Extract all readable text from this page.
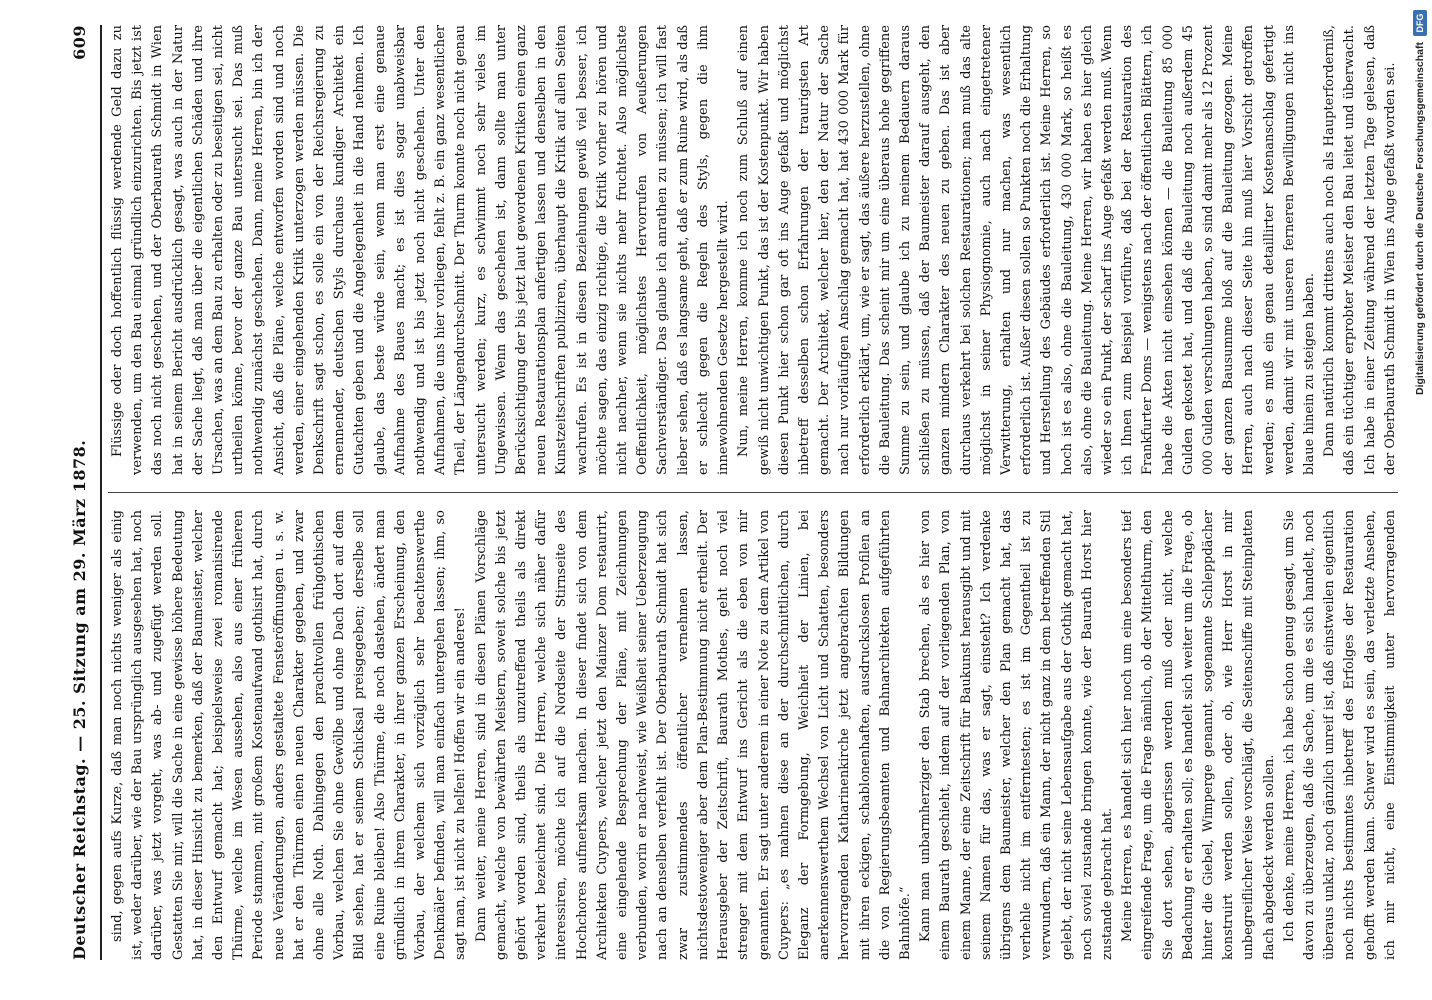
Deutscher Reichstag. — 25. Sitzung am 29. März 1878.
609

sind, gegen aufs Kurze, daß man noch nichts weniger als einig ist, weder darüber, wie der Bau ursprünglich ausgesehen hat, noch darüber, was jetzt vorgeht, was ab- und zugefügt werden soll. Gestatten Sie mir, will die Sache in eine gewisse höhere Bedeutung hat, in dieser Hinsicht zu bemerken, daß der Baumeister, welcher den Entwurf gemacht hat; beispielsweise zwei romanisirende Thürme, welche im Wesen aussehen, also aus einer früheren Periode stammen, mit großem Kostenaufwand gothisirt hat, durch neue Veränderungen, anders gestaltete Fensteröffnungen u. s. w. hat er den Thürmen einen neuen Charakter gegeben, und zwar ohne alle Noth. Dahingegen den prachtvollen frühgothischen Vorbau, welchen Sie ohne Gewölbe und ohne Dach dort auf dem Bild sehen, hat er seinem Schicksal preisgegeben; derselbe soll eine Ruine bleiben! Also Thürme, die noch dastehen, ändert man gründlich in ihrem Charakter, in ihrer ganzen Erscheinung, den Vorbau, der welchem sich vorzüglich sehr beachtenswerthe Denkmäler befinden, will man einfach untergehen lassen; ihm, so sagt man, ist nicht zu helfen! Hoffen wir ein anderes! Dann weiter, meine Herren, sind in diesen Plänen Vorschläge gemacht, welche von bewährten Meistern, soweit solche bis jetzt gehört worden sind, theils als unzutreffend theils als direkt verkehrt bezeichnet sind. Die Herren, welche sich näher dafür interessiren, möchte ich auf die Nordseite der Stirnseite des Hochchores aufmerksam machen. In dieser findet sich von dem Architekten Cuypers, welcher jetzt den Mainzer Dom restaurirt, eine eingehende Besprechung der Pläne, mit Zeichnungen verbunden, worin er nachweist, wie Weißheit seiner Ueberzeugung nach an denselben verfehlt ist. Der Oberbaurath Schmidt hat sich zwar zustimmendes öffentlicher vernehmen lassen, nichtsdestoweniger aber dem Plan-Bestimmung nicht ertheilt. Der Herausgeber der Zeitschrift, Baurath Mothes, geht noch viel strenger mit dem Entwurf ins Gericht als die eben von mir genannten. Er sagt unter anderem in einer Note zu dem Artikel von Cuypers: „es mahnen diese an der durchschnittlichen, durch Eleganz der Formgebung, Weichheit der Linien, bei anerkennenswerthem Wechsel von Licht und Schatten, besonders hervorragenden Katharinenkirche jetzt angebrachten Bildungen mit ihren eckigen, schablonenhaften, ausdruckslosen Profilen an die von Regierungsbeamten und Bahnarchitekten aufgeführten Bahnhöfe.“ Kann man unbarmherziger den Stab brechen, als es hier von einem Baurath geschieht, indem auf der vorliegenden Plan, von einem Manne, der eine Zeitschrift für Baukunst herausgibt und mit seinem Namen für das, was er sagt, einsteht? Ich verdenke übrigens dem Baumeister, welcher den Plan gemacht hat, das verhehle nicht im entferntesten; es ist im Gegentheil ist zu verwundern, daß ein Mann, der nicht ganz in dem betreffenden Stil gelebt, der nicht seine Lebensaufgabe aus der Gothik gemacht hat, noch soviel zustande bringen konnte, wie der Baurath Horst hier zustande gebracht hat. Meine Herren, es handelt sich hier noch um eine besonders tief eingreifende Frage, um die Frage nämlich, ob der Mittelthurm, den Sie dort sehen, abgerissen werden muß oder nicht, welche Bedachung er erhalten soll; es handelt sich weiter um die Frage, ob hinter die Giebel, Wimperge genannt, sogenannte Schleppdächer konstruirt werden sollen, oder ob, wie Herr Horst in mir unbegreiflicher Weise vorschlägt, die Seitenschiffe mit Steinplatten flach abgedeckt werden sollen. Ich denke, meine Herren, ich habe schon genug gesagt, um Sie davon zu überzeugen, daß die Sache, um die es sich handelt, noch überaus unklar, noch gänzlich unreif ist, daß einstweilen eigentlich noch nichts bestimmtes inbetreff des Erfolges der Restauration gehofft werden kann. Schwer wird es sein, das verletzte Ansehen, ich mir nicht, eine Einstimmigkeit unter hervorragenden

Flüssige oder doch hoffentlich flüssig werdende Geld dazu zu verwenden, um den Bau einmal gründlich einzurichten. Bis jetzt ist das noch nicht geschehen, und der Oberbaurath Schmidt in Wien hat in seinem Bericht ausdrücklich gesagt, was auch in der Natur der Sache liegt, daß man über die eigentlichen Schäden und ihre Ursachen, was an dem Bau zu erhalten oder zu beseitigen sei, nicht urtheilen könne, bevor der ganze Bau untersucht sei. Das muß nothwendig zunächst geschehen. Dann, meine Herren, bin ich der Ansicht, daß die Pläne, welche entworfen worden sind und noch werden, einer eingehenden Kritik unterzogen werden müssen. Die Denkschrift sagt schon, es solle ein von der Reichsregierung zu ernennender, deutschen Styls durchaus kundiger Architekt ein Gutachten geben und die Angelegenheit in die Hand nehmen. Ich glaube, das beste würde sein, wenn man erst eine genaue Aufnahme des Baues macht; es ist dies sogar unabweisbar nothwendig und ist bis jetzt noch nicht geschehen. Unter den Aufnahmen, die uns hier vorliegen, fehlt z. B. ein ganz wesentlicher Theil, der Längendurchschnitt. Der Thurm konnte noch nicht genau untersucht werden; kurz, es schwimmt noch sehr vieles im Ungewissen. Wenn das geschehen ist, dann sollte man unter Berücksichtigung der bis jetzt laut gewordenen Kritiken einen ganz neuen Restaurationsplan anfertigen lassen und denselben in den Kunstzeitschriften publiziren, überhaupt die Kritik auf allen Seiten wachrufen. Es ist in diesen Beziehungen gewiß viel besser, ich möchte sagen, das einzig richtige, die Kritik vorher zu hören und nicht nachher, wenn sie nichts mehr fruchtet. Also möglichste Oeffentlichkeit, möglichstes Hervorrufen von Aeußerungen Sachverständiger. Das glaube ich anrathen zu müssen; ich will fast lieber sehen, daß es langsame geht, daß er zum Ruine wird, als daß er schlecht gegen die Regeln des Styls, gegen die ihm innewohnenden Gesetze hergestellt wird. Nun, meine Herren, komme ich noch zum Schluß auf einen gewiß nicht unwichtigen Punkt, das ist der Kostenpunkt. Wir haben diesen Punkt hier schon gar oft ins Auge gefaßt und möglichst inbetreff desselben schon Erfahrungen der traurigsten Art gemacht. Der Architekt, welcher hier, den der Natur der Sache nach nur vorläufigen Anschlag gemacht hat, hat 430 000 Mark für erforderlich erklärt, um, wie er sagt, das äußere herzustellen, ohne die Bauleitung. Das scheint mir um eine überaus hohe gegriffene Summe zu sein, und glaube ich zu meinem Bedauern daraus schließen zu müssen, daß der Baumeister darauf ausgeht, den ganzen mindern Charakter des neuen zu geben. Das ist aber durchaus verkehrt bei solchen Restaurationen; man muß das alte möglichst in seiner Physiognomie, auch nach eingetretener Verwitterung, erhalten und nur machen, was wesentlich erforderlich ist. Außer diesen sollen so Punkten noch die Erhaltung und Herstellung des Gebäudes erforderlich ist. Meine Herren, so hoch ist es also, ohne die Bauleitung, 430 000 Mark, so heißt es also, ohne die Bauleitung. Meine Herren, wir haben es hier gleich wieder so ein Punkt, der scharf ins Auge gefaßt werden muß. Wenn ich Ihnen zum Beispiel vorführe, daß bei der Restauration des Frankfurter Doms — wenigstens nach der öffentlichen Blättern, ich habe die Akten nicht einsehen können — die Bauleitung 85 000 Gulden gekostet hat, und daß die Bauleitung noch außerdem 45 000 Gulden verschlungen haben, so sind damit mehr als 12 Prozent der ganzen Bausumme bloß auf die Bauleitung gezogen. Meine Herren, auch nach dieser Seite hin muß hier Vorsicht getroffen werden; es muß ein genau detaillirter Kostenanschlag gefertigt werden, damit wir mit unseren ferneren Bewilligungen nicht ins blaue hinein zu steigen haben. Dann natürlich kommt drittens auch noch als Haupterforderniß, daß ein tüchtiger erprobter Meister den Bau leitet und überwacht. Ich habe in einer Zeitung während der letzten Tage gelesen, daß der Oberbaurath Schmidt in Wien ins Auge gefaßt worden sei.	Digitalisierung gefördert durch die Deutsche Forschungsgemeinschaft
DFG
